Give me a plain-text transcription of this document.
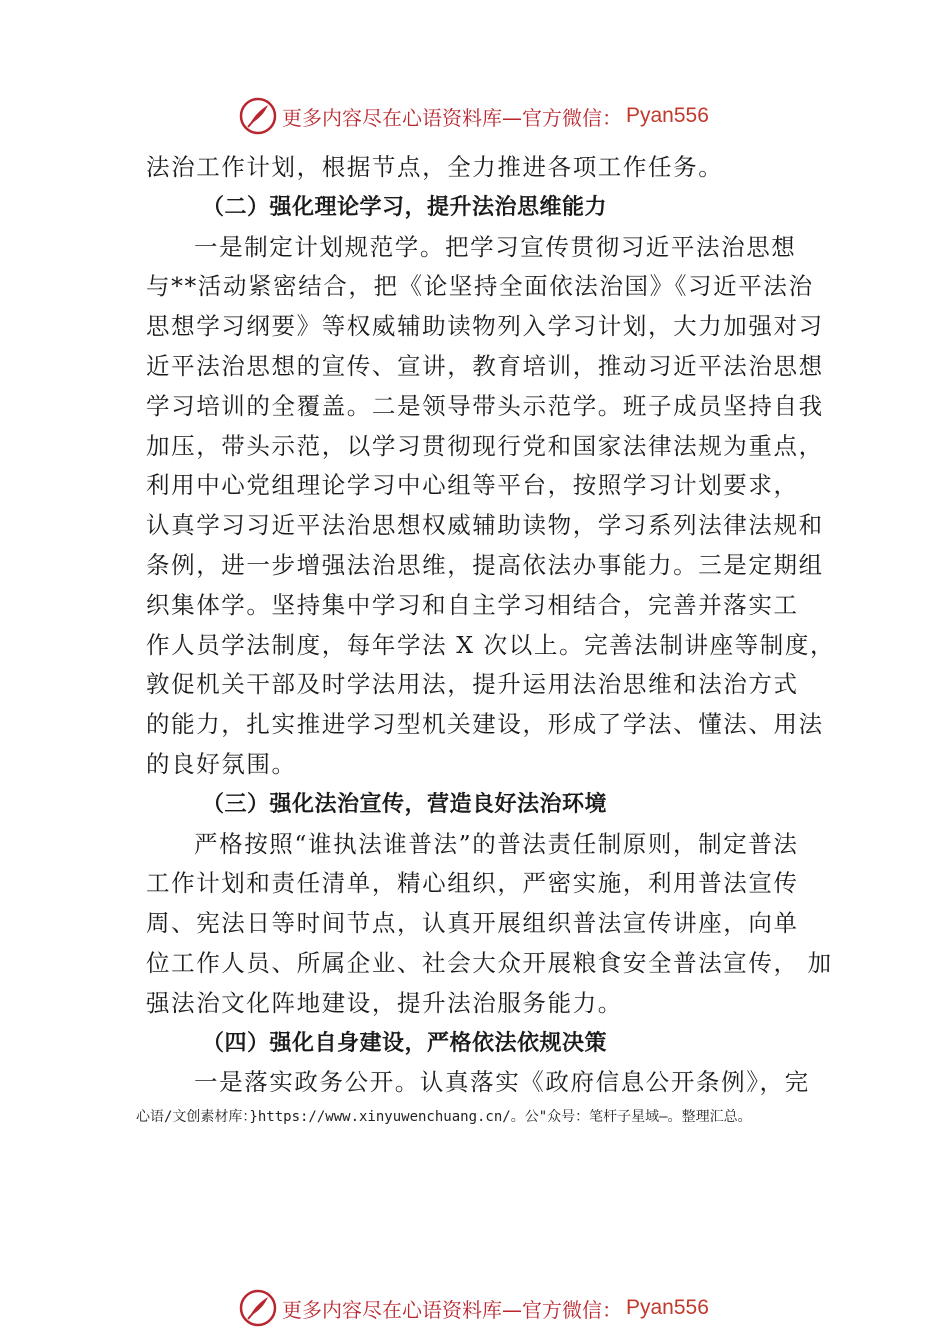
更多内容尽在心语资料库—官方微信： Pyan556
法治工作计划，根据节点，全力推进各项工作任务。
（二）强化理论学习，提升法治思维能力
一是制定计划规范学。把学习宣传贯彻习近平法治思想
与**活动紧密结合，把《论坚持全面依法治国》《习近平法治
思想学习纲要》等权威辅助读物列入学习计划，大力加强对习
近平法治思想的宣传、宣讲，教育培训，推动习近平法治思想
学习培训的全覆盖。二是领导带头示范学。班子成员坚持自我
加压，带头示范，以学习贯彻现行党和国家法律法规为重点，
利用中心党组理论学习中心组等平台，按照学习计划要求，
认真学习习近平法治思想权威辅助读物，学习系列法律法规和
条例，进一步增强法治思维，提高依法办事能力。三是定期组
织集体学。坚持集中学习和自主学习相结合，完善并落实工
作人员学法制度，每年学法 X 次以上。完善法制讲座等制度，
敦促机关干部及时学法用法，提升运用法治思维和法治方式
的能力，扎实推进学习型机关建设，形成了学法、懂法、用法
的良好氛围。
（三）强化法治宣传，营造良好法治环境
严格按照“谁执法谁普法”的普法责任制原则，制定普法
工作计划和责任清单，精心组织，严密实施，利用普法宣传
周、宪法日等时间节点，认真开展组织普法宣传讲座，向单
位工作人员、所属企业、社会大众开展粮食安全普法宣传， 加
强法治文化阵地建设，提升法治服务能力。
（四）强化自身建设，严格依法依规决策
一是落实政务公开。认真落实《政府信息公开条例》，完
心语/文创素材库：}https://www.xinyuwenchuang.cn/。公"众号：笔杆子星域—。整理汇总。
更多内容尽在心语资料库—官方微信： Pyan556
